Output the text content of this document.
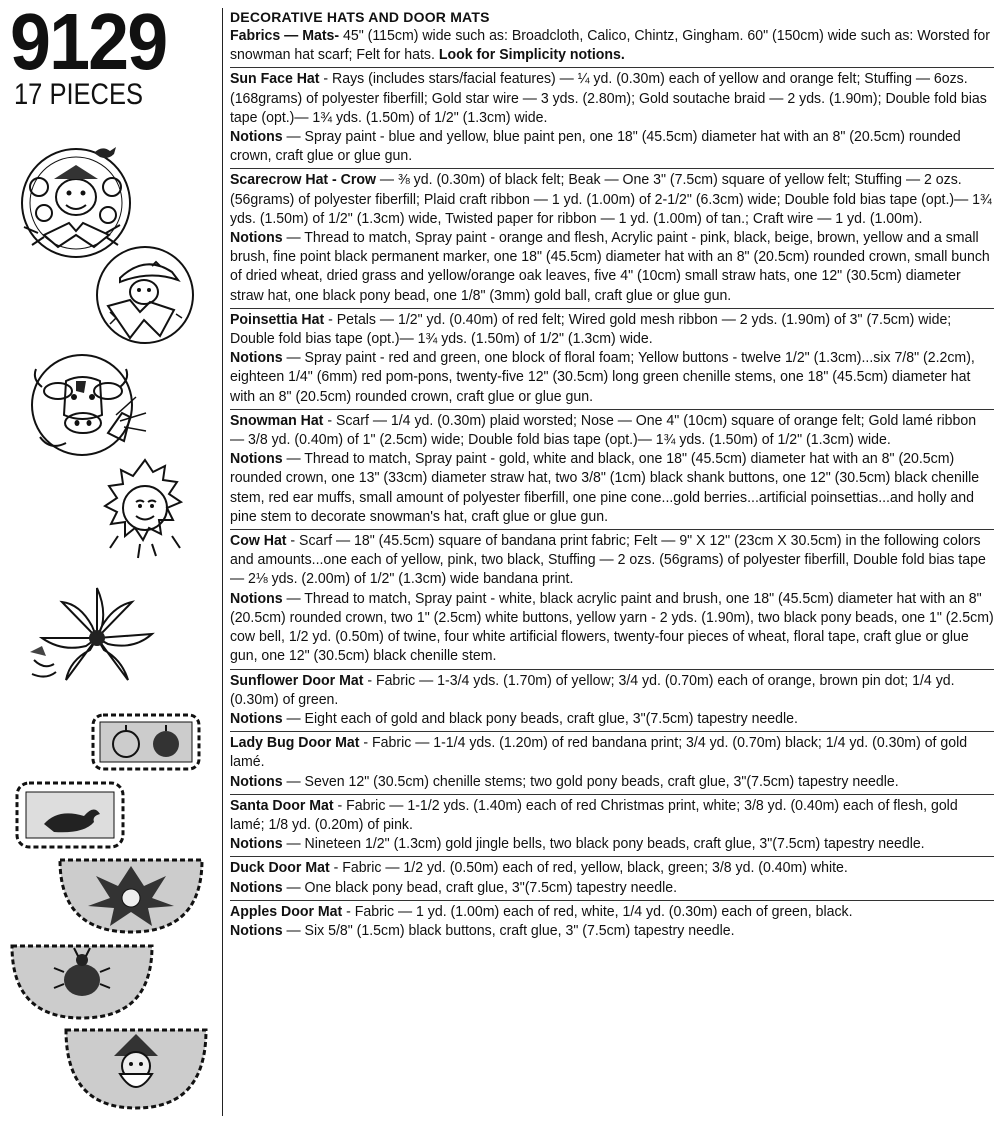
9129
17 PIECES
DECORATIVE HATS AND DOOR MATS

Fabrics — Mats- 45" (115cm) wide such as: Broadcloth, Calico, Chintz, Gingham. 60" (150cm) wide such as: Worsted for snowman hat scarf; Felt for hats. Look for Simplicity notions.

Sun Face Hat - Rays (includes stars/facial features) — ¼ yd. (0.30m) each of yellow and orange felt; Stuffing — 6ozs. (168grams) of polyester fiberfill; Gold star wire — 3 yds. (2.80m); Gold soutache braid — 2 yds. (1.90m); Double fold bias tape (opt.)— 1¾ yds. (1.50m) of 1/2" (1.3cm) wide.

Notions — Spray paint - blue and yellow, blue paint pen, one 18" (45.5cm) diameter hat with an 8" (20.5cm) rounded crown, craft glue or glue gun.

Scarecrow Hat - Crow — ⅜ yd. (0.30m) of black felt; Beak — One 3" (7.5cm) square of yellow felt; Stuffing — 2 ozs. (56grams) of polyester fiberfill; Plaid craft ribbon — 1 yd. (1.00m) of 2-1/2" (6.3cm) wide; Double fold bias tape (opt.)— 1¾ yds. (1.50m) of 1/2" (1.3cm) wide, Twisted paper for ribbon — 1 yd. (1.00m) of tan.; Craft wire — 1 yd. (1.00m).

Notions — Thread to match, Spray paint - orange and flesh, Acrylic paint - pink, black, beige, brown, yellow and a small brush, fine point black permanent marker, one 18" (45.5cm) diameter hat with an 8" (20.5cm) rounded crown, small bunch of dried wheat, dried grass and yellow/orange oak leaves, five 4" (10cm) small straw hats, one 12" (30.5cm) diameter straw hat, one black pony bead, one 1/8" (3mm) gold ball, craft glue or glue gun.

Poinsettia Hat - Petals — 1/2" yd. (0.40m) of red felt; Wired gold mesh ribbon — 2 yds. (1.90m) of 3" (7.5cm) wide; Double fold bias tape (opt.)— 1¾ yds. (1.50m) of 1/2" (1.3cm) wide.

Notions — Spray paint - red and green, one block of floral foam; Yellow buttons - twelve 1/2" (1.3cm)...six 7/8" (2.2cm), eighteen 1/4" (6mm) red pom-pons, twenty-five 12" (30.5cm) long green chenille stems, one 18" (45.5cm) diameter hat with an 8" (20.5cm) rounded crown, craft glue or glue gun.

Snowman Hat - Scarf — 1/4 yd. (0.30m) plaid worsted; Nose — One 4" (10cm) square of orange felt; Gold lamé ribbon — 3/8 yd. (0.40m) of 1" (2.5cm) wide; Double fold bias tape (opt.)— 1¾ yds. (1.50m) of 1/2" (1.3cm) wide.

Notions — Thread to match, Spray paint - gold, white and black, one 18" (45.5cm) diameter hat with an 8" (20.5cm) rounded crown, one 13" (33cm) diameter straw hat, two 3/8" (1cm) black shank buttons, one 12" (30.5cm) black chenille stem, red ear muffs, small amount of polyester fiberfill, one pine cone...gold berries...artificial poinsettias...and holly and pine stem to decorate snowman's hat, craft glue or glue gun.

Cow Hat - Scarf — 18" (45.5cm) square of bandana print fabric; Felt — 9" X 12" (23cm X 30.5cm) in the following colors and amounts...one each of yellow, pink, two black, Stuffing — 2 ozs. (56grams) of polyester fiberfill, Double fold bias tape — 2⅛ yds. (2.00m) of 1/2" (1.3cm) wide bandana print.

Notions — Thread to match, Spray paint - white, black acrylic paint and brush, one 18" (45.5cm) diameter hat with an 8" (20.5cm) rounded crown, two 1" (2.5cm) white buttons, yellow yarn - 2 yds. (1.90m), two black pony beads, one 1" (2.5cm) cow bell, 1/2 yd. (0.50m) of twine, four white artificial flowers, twenty-four pieces of wheat, floral tape, craft glue or glue gun, one 12" (30.5cm) black chenille stem.

Sunflower Door Mat - Fabric — 1-3/4 yds. (1.70m) of yellow; 3/4 yd. (0.70m) each of orange, brown pin dot; 1/4 yd. (0.30m) of green.

Notions — Eight each of gold and black pony beads, craft glue, 3"(7.5cm) tapestry needle.

Lady Bug Door Mat - Fabric — 1-1/4 yds. (1.20m) of red bandana print; 3/4 yd. (0.70m) black; 1/4 yd. (0.30m) of gold lamé.

Notions — Seven 12" (30.5cm) chenille stems; two gold pony beads, craft glue, 3"(7.5cm) tapestry needle.

Santa Door Mat - Fabric — 1-1/2 yds. (1.40m) each of red Christmas print, white; 3/8 yd. (0.40m) each of flesh, gold lamé; 1/8 yd. (0.20m) of pink.

Notions — Nineteen 1/2" (1.3cm) gold jingle bells, two black pony beads, craft glue, 3"(7.5cm) tapestry needle.

Duck Door Mat - Fabric — 1/2 yd. (0.50m) each of red, yellow, black, green; 3/8 yd. (0.40m) white.

Notions — One black pony bead, craft glue, 3"(7.5cm) tapestry needle.

Apples Door Mat - Fabric — 1 yd. (1.00m) each of red, white, 1/4 yd. (0.30m) each of green, black.

Notions — Six 5/8" (1.5cm) black buttons, craft glue, 3" (7.5cm) tapestry needle.
